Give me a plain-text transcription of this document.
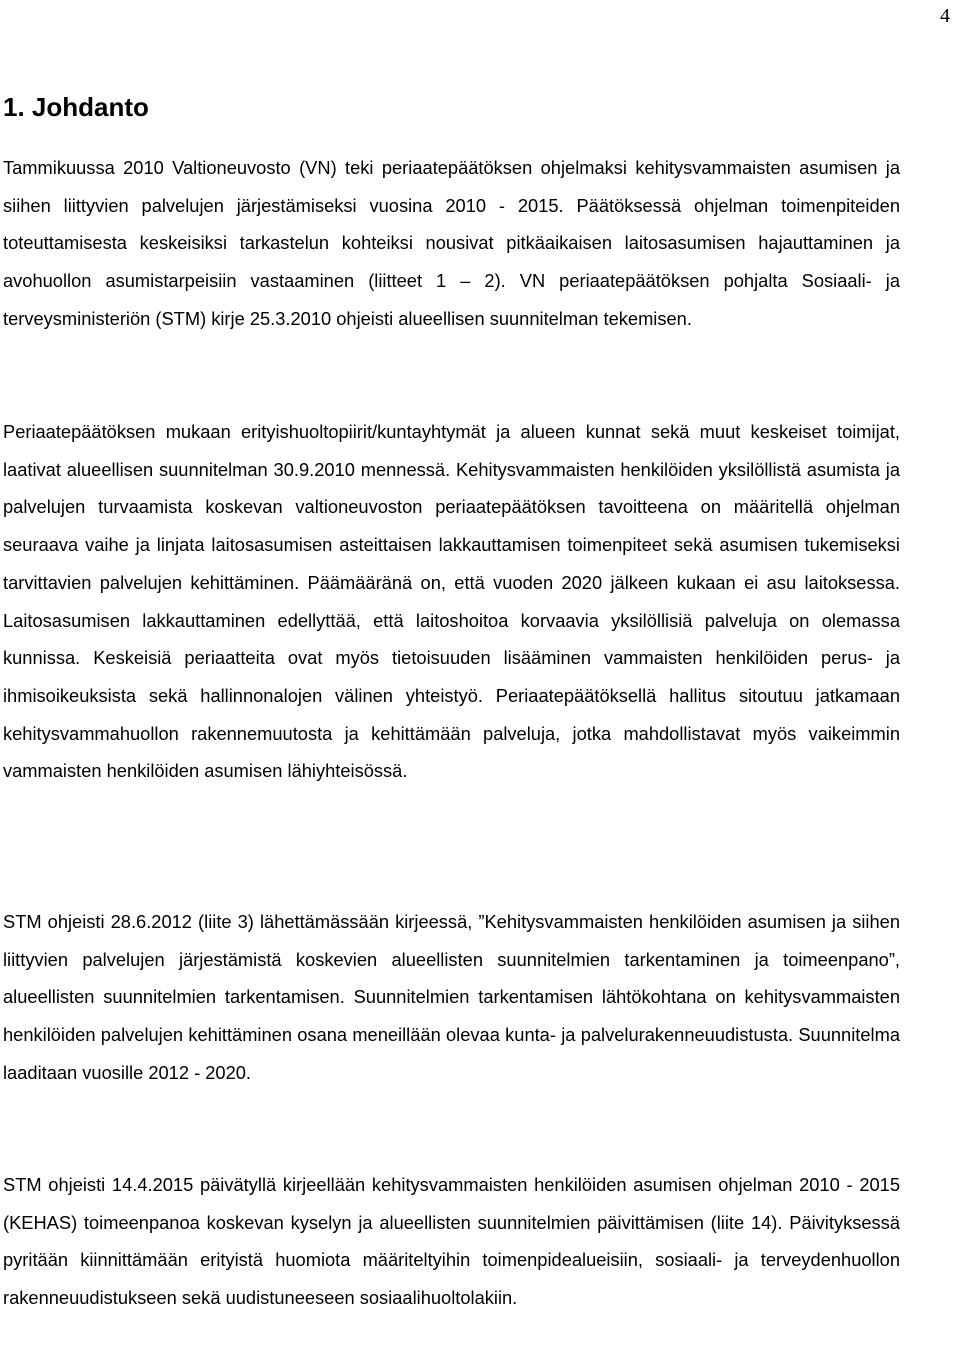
4
1. Johdanto

Tammikuussa 2010 Valtioneuvosto (VN) teki periaatepäätöksen ohjelmaksi kehitysvammaisten asumisen ja siihen liittyvien palvelujen järjestämiseksi vuosina 2010 - 2015. Päätöksessä ohjelman toimenpiteiden toteuttamisesta keskeisiksi tarkastelun kohteiksi nousivat pitkäaikaisen laitosasumisen hajauttaminen ja avohuollon asumistarpeisiin vastaaminen (liitteet 1 – 2). VN periaatepäätöksen pohjalta Sosiaali- ja terveysministeriön (STM) kirje 25.3.2010 ohjeisti alueellisen suunnitelman tekemisen.

Periaatepäätöksen mukaan erityishuoltopiirit/kuntayhtymät ja alueen kunnat sekä muut keskeiset toimijat, laativat alueellisen suunnitelman 30.9.2010 mennessä. Kehitysvammaisten henkilöiden yksilöllistä asumista ja palvelujen turvaamista koskevan valtioneuvoston periaatepäätöksen tavoitteena on määritellä ohjelman seuraava vaihe ja linjata laitosasumisen asteittaisen lakkauttamisen toimenpiteet sekä asumisen tukemiseksi tarvittavien palvelujen kehittäminen. Päämääränä on, että vuoden 2020 jälkeen kukaan ei asu laitoksessa. Laitosasumisen lakkauttaminen edellyttää, että laitoshoitoa korvaavia yksilöllisiä palveluja on olemassa kunnissa. Keskeisiä periaatteita ovat myös tietoisuuden lisääminen vammaisten henkilöiden perus- ja ihmisoikeuksista sekä hallinnonalojen välinen yhteistyö. Periaatepäätöksellä hallitus sitoutuu jatkamaan kehitysvammahuollon rakennemuutosta ja kehittämään palveluja, jotka mahdollistavat myös vaikeimmin vammaisten henkilöiden asumisen lähiyhteisössä.

STM ohjeisti 28.6.2012 (liite 3) lähettämässään kirjeessä, ”Kehitysvammaisten henkilöiden asumisen ja siihen liittyvien palvelujen järjestämistä koskevien alueellisten suunnitelmien tarkentaminen ja toimeenpano”, alueellisten suunnitelmien tarkentamisen. Suunnitelmien tarkentamisen lähtökohtana on kehitysvammaisten henkilöiden palvelujen kehittäminen osana meneillään olevaa kunta- ja palvelurakenneuudistusta. Suunnitelma laaditaan vuosille 2012 - 2020.

STM ohjeisti 14.4.2015 päivätyllä kirjeellään kehitysvammaisten henkilöiden asumisen ohjelman 2010 - 2015 (KEHAS) toimeenpanoa koskevan kyselyn ja alueellisten suunnitelmien päivittämisen (liite 14). Päivityksessä pyritään kiinnittämään erityistä huomiota määriteltyihin toimenpidealueisiin, sosiaali- ja terveydenhuollon rakenneuudistukseen sekä uudistuneeseen sosiaalihuoltolakiin.
